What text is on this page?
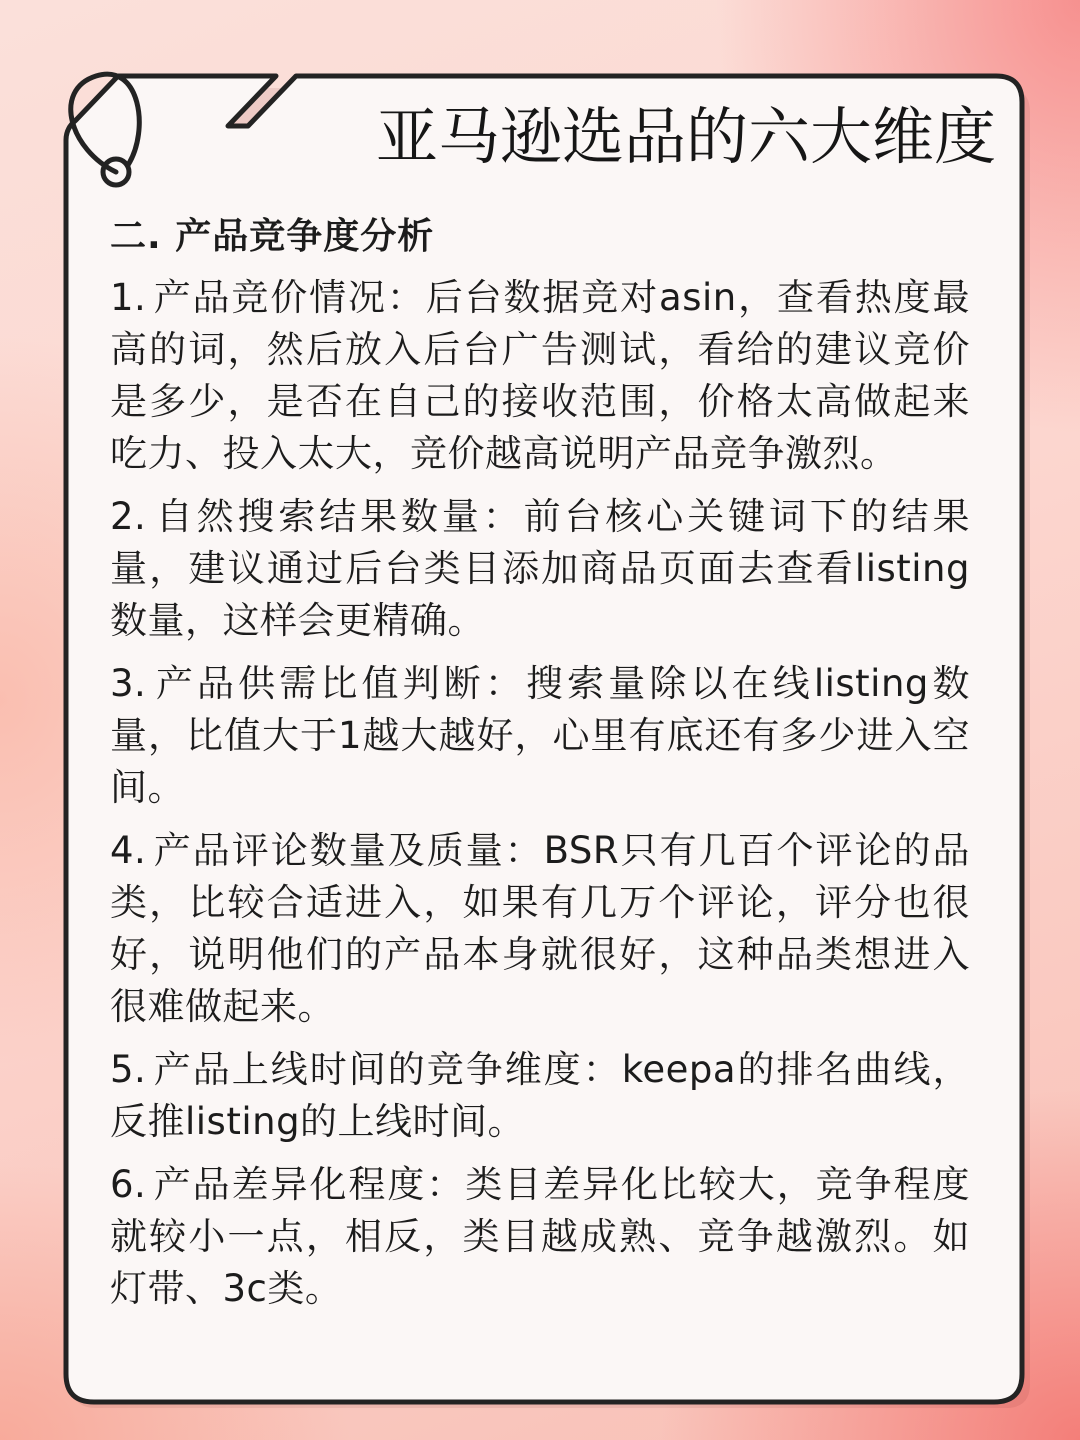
亚马逊选品的六大维度
二. 产品竞争度分析
1. 产品竞价情况：后台数据竞对asin，查看热度最高的词，然后放入后台广告测试，看给的建议竞价是多少，是否在自己的接收范围，价格太高做起来吃力、投入太大，竞价越高说明产品竞争激烈。
2. 自然搜索结果数量：前台核心关键词下的结果量，建议通过后台类目添加商品页面去查看listing数量，这样会更精确。
3. 产品供需比值判断：搜索量除以在线listing数量，比值大于1越大越好，心里有底还有多少进入空间。
4. 产品评论数量及质量：BSR只有几百个评论的品类，比较合适进入，如果有几万个评论，评分也很好，说明他们的产品本身就很好，这种品类想进入很难做起来。
5. 产品上线时间的竞争维度：keepa的排名曲线，反推listing的上线时间。
6. 产品差异化程度：类目差异化比较大，竞争程度就较小一点，相反，类目越成熟、竞争越激烈。如灯带、3c类。
